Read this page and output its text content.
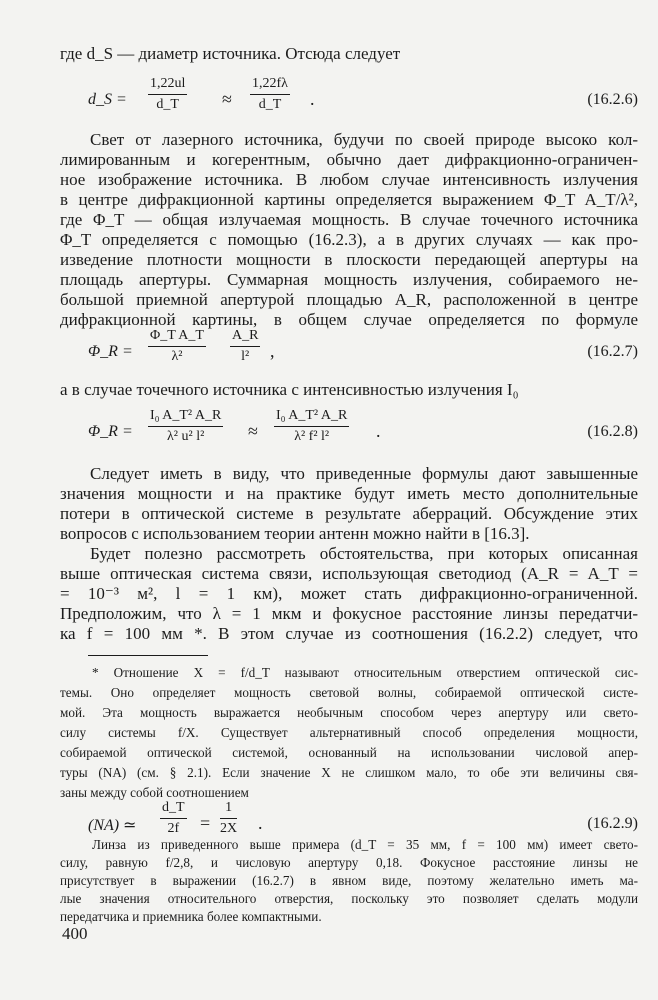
где d_S — диаметр источника. Отсюда следует
d_S = $\frac{1,22ul}{d\_T} \approx \frac{1,22f\lambda}{d\_T}$ .	(16.2.6)
Свет от лазерного источника, будучи по своей природе высоко кол-
лимированным и когерентным, обычно дает дифракционно-ограничен-
ное изображение источника. В любом случае интенсивность излучения
в центре дифракционной картины определяется выражением Φ_T A_T/λ²,
где Φ_T — общая излучаемая мощность. В случае точечного источника
Φ_T определяется с помощью (16.2.3), а в других случаях — как про-
изведение плотности мощности в плоскости передающей апертуры на
площадь апертуры. Суммарная мощность излучения, собираемого не-
большой приемной апертурой площадью A_R, расположенной в центре
дифракционной картины, в общем случае определяется по формуле
Φ_R = $\frac{\text{Φ\_T A\_T}}{\text{λ²}} \frac{A\_R}{\text{l²}}$ ,	(16.2.7)
а в случае точечного источника с интенсивностью излучения I₀
Φ_R = $\frac{\text{I₀ A\_T² A\_R}}{\text{λ² u² l²}} \approx \frac{\text{I₀ A\_T² A\_R}}{\text{λ² f² l²}}$ .	(16.2.8)
Следует иметь в виду, что приведенные формулы дают завышенные
значения мощности и на практике будут иметь место дополнительные
потери в оптической системе в результате аберраций. Обсуждение этих
вопросов с использованием теории антенн можно найти в [16.3].
Будет полезно рассмотреть обстоятельства, при которых описанная
выше оптическая система связи, использующая светодиод (A_R = A_T =
= 10⁻³ м², l = 1 км), может стать дифракционно-ограниченной.
Предположим, что λ = 1 мкм и фокусное расстояние линзы передатчи-
ка f = 100 мм *. В этом случае из соотношения (16.2.2) следует, что
* Отношение X = f/d_T называют относительным отверстием оптической сис-
темы. Оно определяет мощность световой волны, собираемой оптической систе-
мой. Эта мощность выражается необычным способом через апертуру или свето-
силу системы f/X. Существует альтернативный способ определения мощности,
собираемой оптической системой, основанный на использовании числовой апер-
туры (NA) (см. § 2.1). Если значение X не слишком мало, то обе эти величины свя-
заны между собой соотношением
(NA) ≃ $\frac{d\_T}{2f} = \frac{1}{2X}$ .	(16.2.9)
Линза из приведенного выше примера (d_T = 35 мм, f = 100 мм) имеет свето-
силу, равную f/2,8, и числовую апертуру 0,18. Фокусное расстояние линзы не
присутствует в выражении (16.2.7) в явном виде, поэтому желательно иметь ма-
лые значения относительного отверстия, поскольку это позволяет сделать модули
передатчика и приемника более компактными.
400
